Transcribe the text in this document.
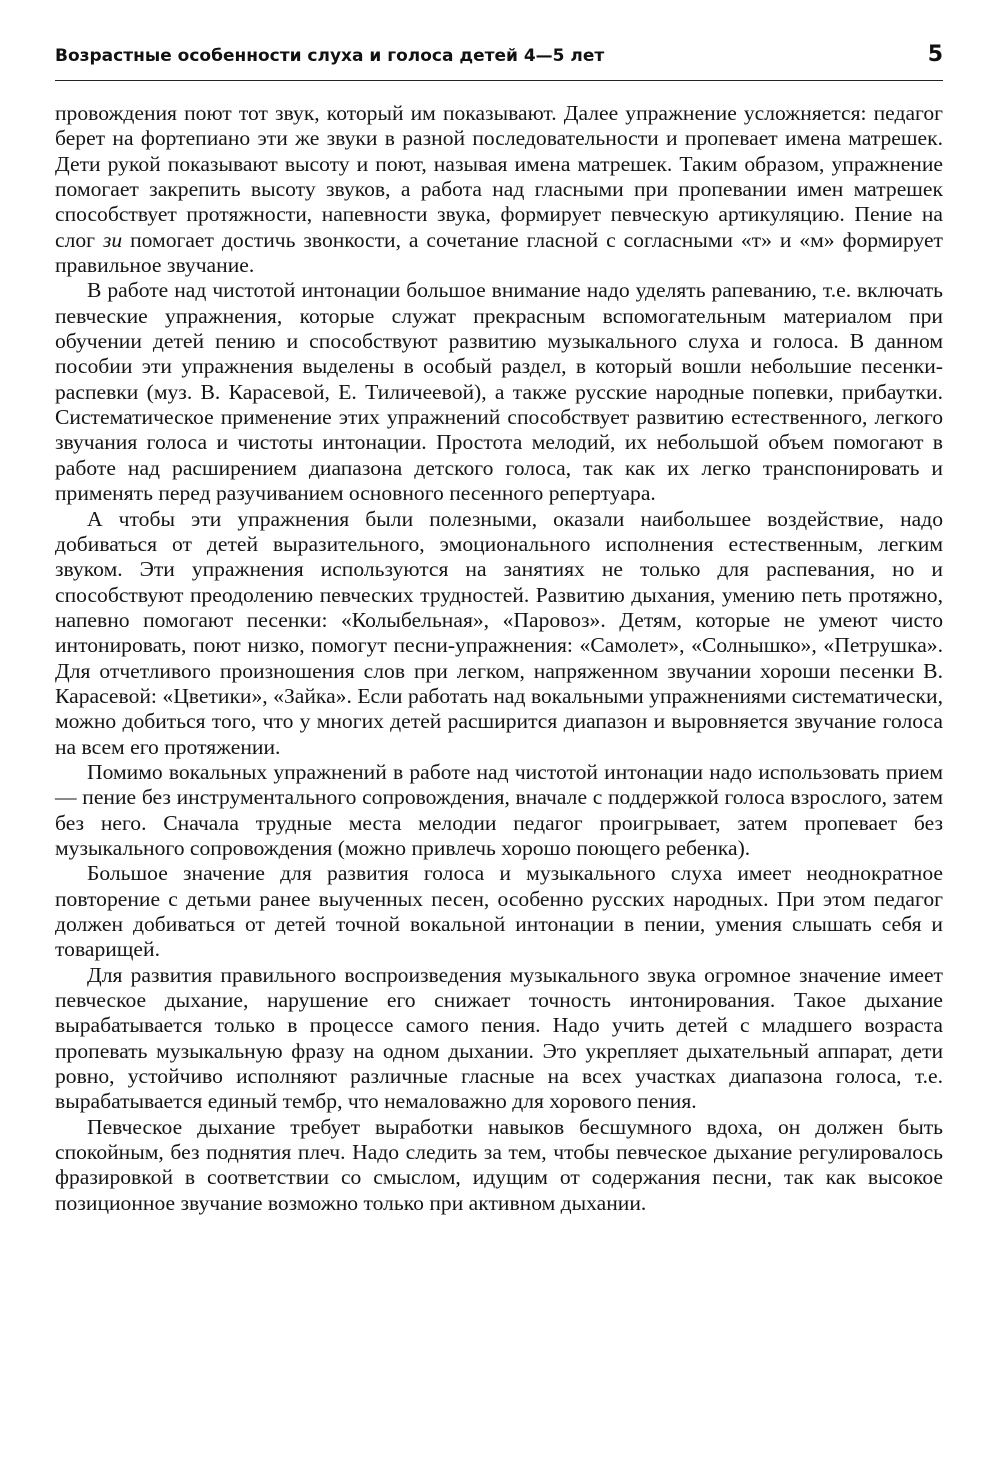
Возрастные особенности слуха и голоса детей 4—5 лет	5

провождения поют тот звук, который им показывают. Далее упражнение усложняется: педагог берет на фортепиано эти же звуки в разной последовательности и пропевает имена матрешек. Дети рукой показывают высоту и поют, называя имена матрешек. Таким образом, упражнение помогает закрепить высоту звуков, а работа над гласными при пропевании имен матрешек способствует протяжности, напевности звука, формирует певческую артикуляцию. Пение на слог зи помогает достичь звонкости, а сочетание гласной с согласными «т» и «м» формирует правильное звучание.

В работе над чистотой интонации большое внимание надо уделять рапеванию, т.е. включать певческие упражнения, которые служат прекрасным вспомогательным материалом при обучении детей пению и способствуют развитию музыкального слуха и голоса. В данном пособии эти упражнения выделены в особый раздел, в который вошли небольшие песенки-распевки (муз. В. Карасевой, Е. Тиличеевой), а также русские народные попевки, прибаутки. Систематическое применение этих упражнений способствует развитию естественного, легкого звучания голоса и чистоты интонации. Простота мелодий, их небольшой объем помогают в работе над расширением диапазона детского голоса, так как их легко транспонировать и применять перед разучиванием основного песенного репертуара.

А чтобы эти упражнения были полезными, оказали наибольшее воздействие, надо добиваться от детей выразительного, эмоционального исполнения естественным, легким звуком. Эти упражнения используются на занятиях не только для распевания, но и способствуют преодолению певческих трудностей. Развитию дыхания, умению петь протяжно, напевно помогают песенки: «Колыбельная», «Паровоз». Детям, которые не умеют чисто интонировать, поют низко, помогут песни-упражнения: «Самолет», «Солнышко», «Петрушка». Для отчетливого произношения слов при легком, напряженном звучании хороши песенки В. Карасевой: «Цветики», «Зайка». Если работать над вокальными упражнениями систематически, можно добиться того, что у многих детей расширится диапазон и выровняется звучание голоса на всем его протяжении.

Помимо вокальных упражнений в работе над чистотой интонации надо использовать прием — пение без инструментального сопровождения, вначале с поддержкой голоса взрослого, затем без него. Сначала трудные места мелодии педагог проигрывает, затем пропевает без музыкального сопровождения (можно привлечь хорошо поющего ребенка).

Большое значение для развития голоса и музыкального слуха имеет неоднократное повторение с детьми ранее выученных песен, особенно русских народных. При этом педагог должен добиваться от детей точной вокальной интонации в пении, умения слышать себя и товарищей.

Для развития правильного воспроизведения музыкального звука огромное значение имеет певческое дыхание, нарушение его снижает точность интонирования. Такое дыхание вырабатывается только в процессе самого пения. Надо учить детей с младшего возраста пропевать музыкальную фразу на одном дыхании. Это укрепляет дыхательный аппарат, дети ровно, устойчиво исполняют различные гласные на всех участках диапазона голоса, т.е. вырабатывается единый тембр, что немаловажно для хорового пения.

Певческое дыхание требует выработки навыков бесшумного вдоха, он должен быть спокойным, без поднятия плеч. Надо следить за тем, чтобы певческое дыхание регулировалось фразировкой в соответствии со смыслом, идущим от содержания песни, так как высокое позиционное звучание возможно только при активном дыхании.
